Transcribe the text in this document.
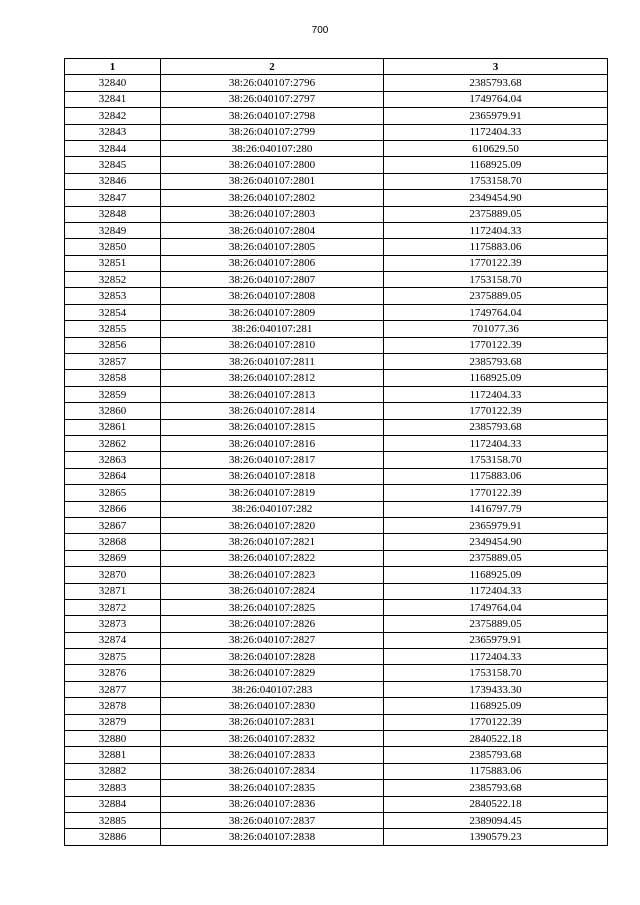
700
1	2	3
32840	38:26:040107:2796	2385793.68
32841	38:26:040107:2797	1749764.04
32842	38:26:040107:2798	2365979.91
32843	38:26:040107:2799	1172404.33
32844	38:26:040107:280	610629.50
32845	38:26:040107:2800	1168925.09
32846	38:26:040107:2801	1753158.70
32847	38:26:040107:2802	2349454.90
32848	38:26:040107:2803	2375889.05
32849	38:26:040107:2804	1172404.33
32850	38:26:040107:2805	1175883.06
32851	38:26:040107:2806	1770122.39
32852	38:26:040107:2807	1753158.70
32853	38:26:040107:2808	2375889.05
32854	38:26:040107:2809	1749764.04
32855	38:26:040107:281	701077.36
32856	38:26:040107:2810	1770122.39
32857	38:26:040107:2811	2385793.68
32858	38:26:040107:2812	1168925.09
32859	38:26:040107:2813	1172404.33
32860	38:26:040107:2814	1770122.39
32861	38:26:040107:2815	2385793.68
32862	38:26:040107:2816	1172404.33
32863	38:26:040107:2817	1753158.70
32864	38:26:040107:2818	1175883.06
32865	38:26:040107:2819	1770122.39
32866	38:26:040107:282	1416797.79
32867	38:26:040107:2820	2365979.91
32868	38:26:040107:2821	2349454.90
32869	38:26:040107:2822	2375889.05
32870	38:26:040107:2823	1168925.09
32871	38:26:040107:2824	1172404.33
32872	38:26:040107:2825	1749764.04
32873	38:26:040107:2826	2375889.05
32874	38:26:040107:2827	2365979.91
32875	38:26:040107:2828	1172404.33
32876	38:26:040107:2829	1753158.70
32877	38:26:040107:283	1739433.30
32878	38:26:040107:2830	1168925.09
32879	38:26:040107:2831	1770122.39
32880	38:26:040107:2832	2840522.18
32881	38:26:040107:2833	2385793.68
32882	38:26:040107:2834	1175883.06
32883	38:26:040107:2835	2385793.68
32884	38:26:040107:2836	2840522.18
32885	38:26:040107:2837	2389094.45
32886	38:26:040107:2838	1390579.23
